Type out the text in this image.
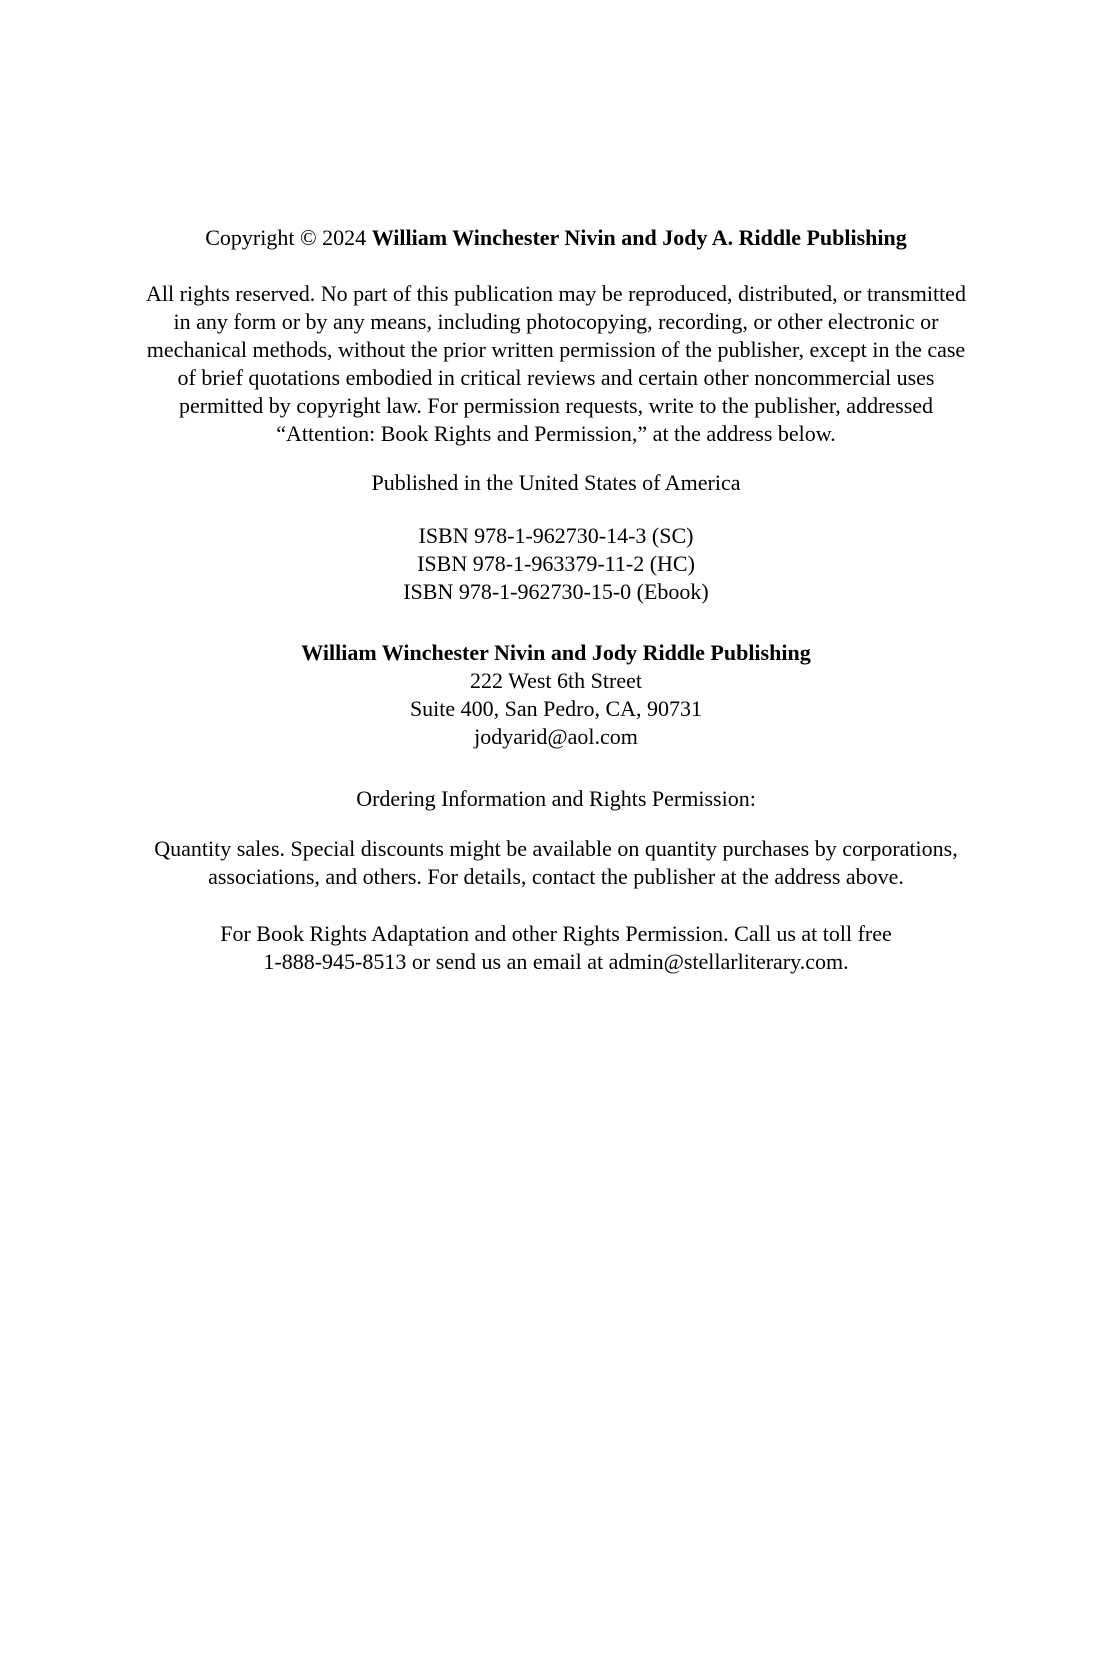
Copyright © 2024 William Winchester Nivin and Jody A. Riddle Publishing
All rights reserved. No part of this publication may be reproduced, distributed, or transmitted
in any form or by any means, including photocopying, recording, or other electronic or
mechanical methods, without the prior written permission of the publisher, except in the case
of brief quotations embodied in critical reviews and certain other noncommercial uses
permitted by copyright law. For permission requests, write to the publisher, addressed
“Attention: Book Rights and Permission,” at the address below.
Published in the United States of America
ISBN 978-1-962730-14-3 (SC)
ISBN 978-1-963379-11-2 (HC)
ISBN 978-1-962730-15-0 (Ebook)
William Winchester Nivin and Jody Riddle Publishing
222 West 6th Street
Suite 400, San Pedro, CA, 90731
jodyarid@aol.com
Ordering Information and Rights Permission:
Quantity sales. Special discounts might be available on quantity purchases by corporations,
associations, and others. For details, contact the publisher at the address above.
For Book Rights Adaptation and other Rights Permission. Call us at toll free
1-888-945-8513 or send us an email at admin@stellarliterary.com.
